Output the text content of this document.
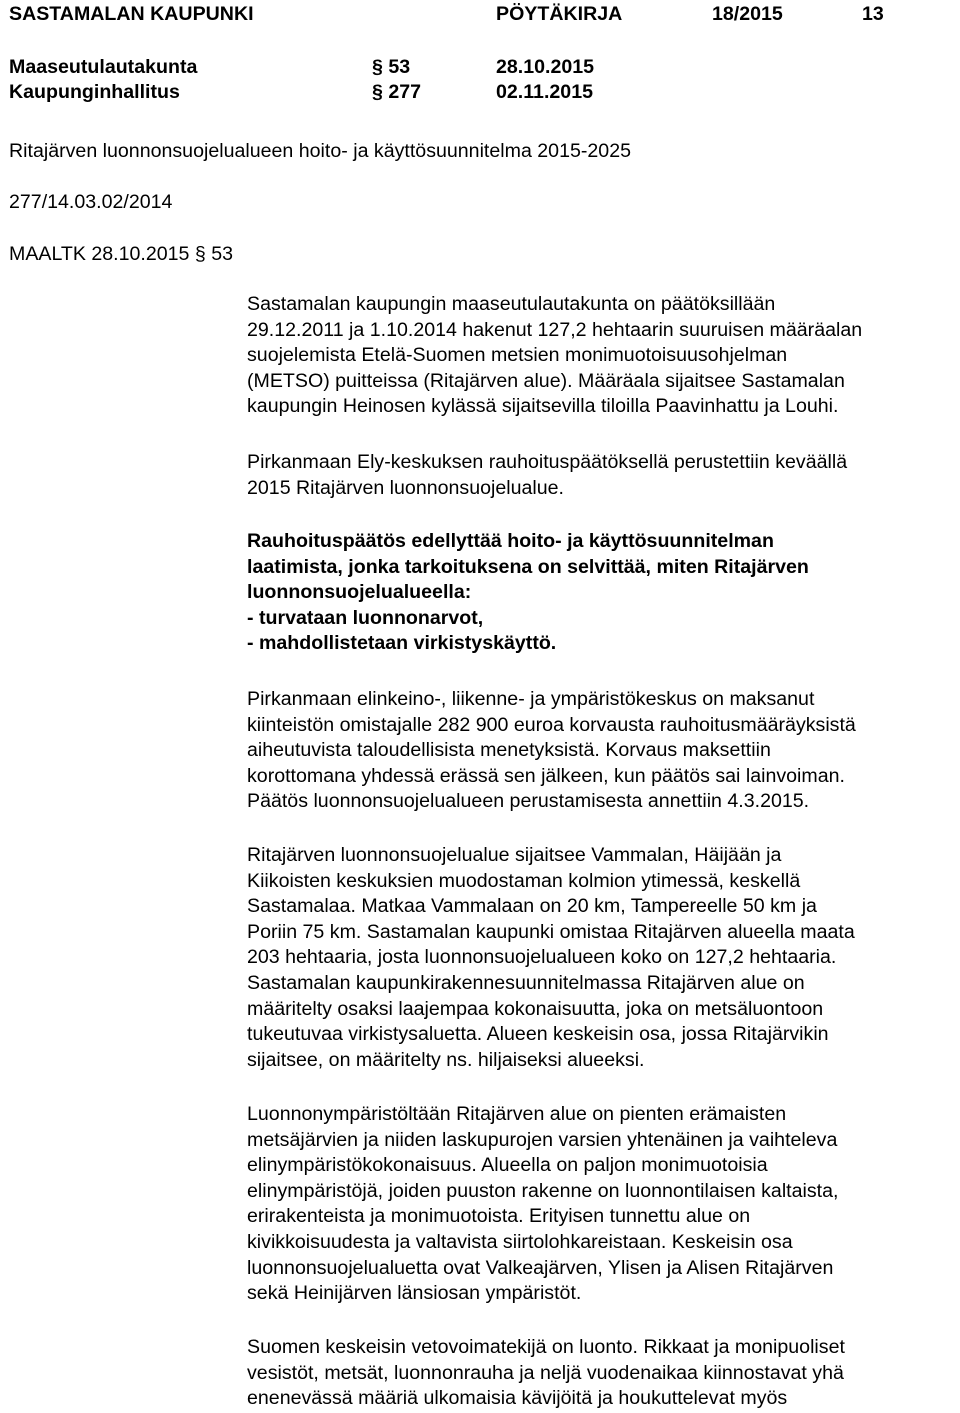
SASTAMALAN KAUPUNKI	PÖYTÄKIRJA	18/2015	13
Maaseutulautakunta	§ 53	28.10.2015
Kaupunginhallitus	§ 277	02.11.2015
Ritajärven luonnonsuojelualueen hoito- ja käyttösuunnitelma 2015-2025
277/14.03.02/2014
MAALTK 28.10.2015 § 53
Sastamalan kaupungin maaseutulautakunta on päätöksillään
29.12.2011 ja 1.10.2014 hakenut 127,2 hehtaarin suuruisen määräalan
suojelemista Etelä-Suomen metsien monimuotoisuusohjelman
(METSO) puitteissa (Ritajärven alue). Määräala sijaitsee Sastamalan
kaupungin Heinosen kylässä sijaitsevilla tiloilla Paavinhattu ja Louhi.
Pirkanmaan Ely-keskuksen rauhoituspäätöksellä perustettiin keväällä
2015 Ritajärven luonnonsuojelualue.
Rauhoituspäätös edellyttää hoito- ja käyttösuunnitelman
laatimista, jonka tarkoituksena on selvittää, miten Ritajärven
luonnonsuojelualueella:
- turvataan luonnonarvot,
- mahdollistetaan virkistyskäyttö.
Pirkanmaan elinkeino-, liikenne- ja ympäristökeskus on maksanut
kiinteistön omistajalle 282 900 euroa korvausta rauhoitusmääräyksistä
aiheutuvista taloudellisista menetyksistä. Korvaus maksettiin
korottomana yhdessä erässä sen jälkeen, kun päätös sai lainvoiman.
Päätös luonnonsuojelualueen perustamisesta annettiin 4.3.2015.
Ritajärven luonnonsuojelualue sijaitsee Vammalan, Häijään ja
Kiikoisten keskuksien muodostaman kolmion ytimessä, keskellä
Sastamalaa. Matkaa Vammalaan on 20 km, Tampereelle 50 km ja
Poriin 75 km. Sastamalan kaupunki omistaa Ritajärven alueella maata
203 hehtaaria, josta luonnonsuojelualueen koko on 127,2 hehtaaria.
Sastamalan kaupunkirakennesuunnitelmassa Ritajärven alue on
määritelty osaksi laajempaa kokonaisuutta, joka on metsäluontoon
tukeutuvaa virkistysaluetta. Alueen keskeisin osa, jossa Ritajärvikin
sijaitsee, on määritelty ns. hiljaiseksi alueeksi.
Luonnonympäristöltään Ritajärven alue on pienten erämaisten
metsäjärvien ja niiden laskupurojen varsien yhtenäinen ja vaihteleva
elinympäristökokonaisuus. Alueella on paljon monimuotoisia
elinympäristöjä, joiden puuston rakenne on luonnontilaisen kaltaista,
erirakenteista ja monimuotoista. Erityisen tunnettu alue on
kivikkoisuudesta ja valtavista siirtolohkareistaan. Keskeisin osa
luonnonsuojelualuetta ovat Valkeajärven, Ylisen ja Alisen Ritajärven
sekä Heinijärven länsiosan ympäristöt.
Suomen keskeisin vetovoimatekijä on luonto. Rikkaat ja monipuoliset
vesistöt, metsät, luonnonrauha ja neljä vuodenaikaa kiinnostavat yhä
enenevässä määriä ulkomaisia kävijöitä ja houkuttelevat myös
